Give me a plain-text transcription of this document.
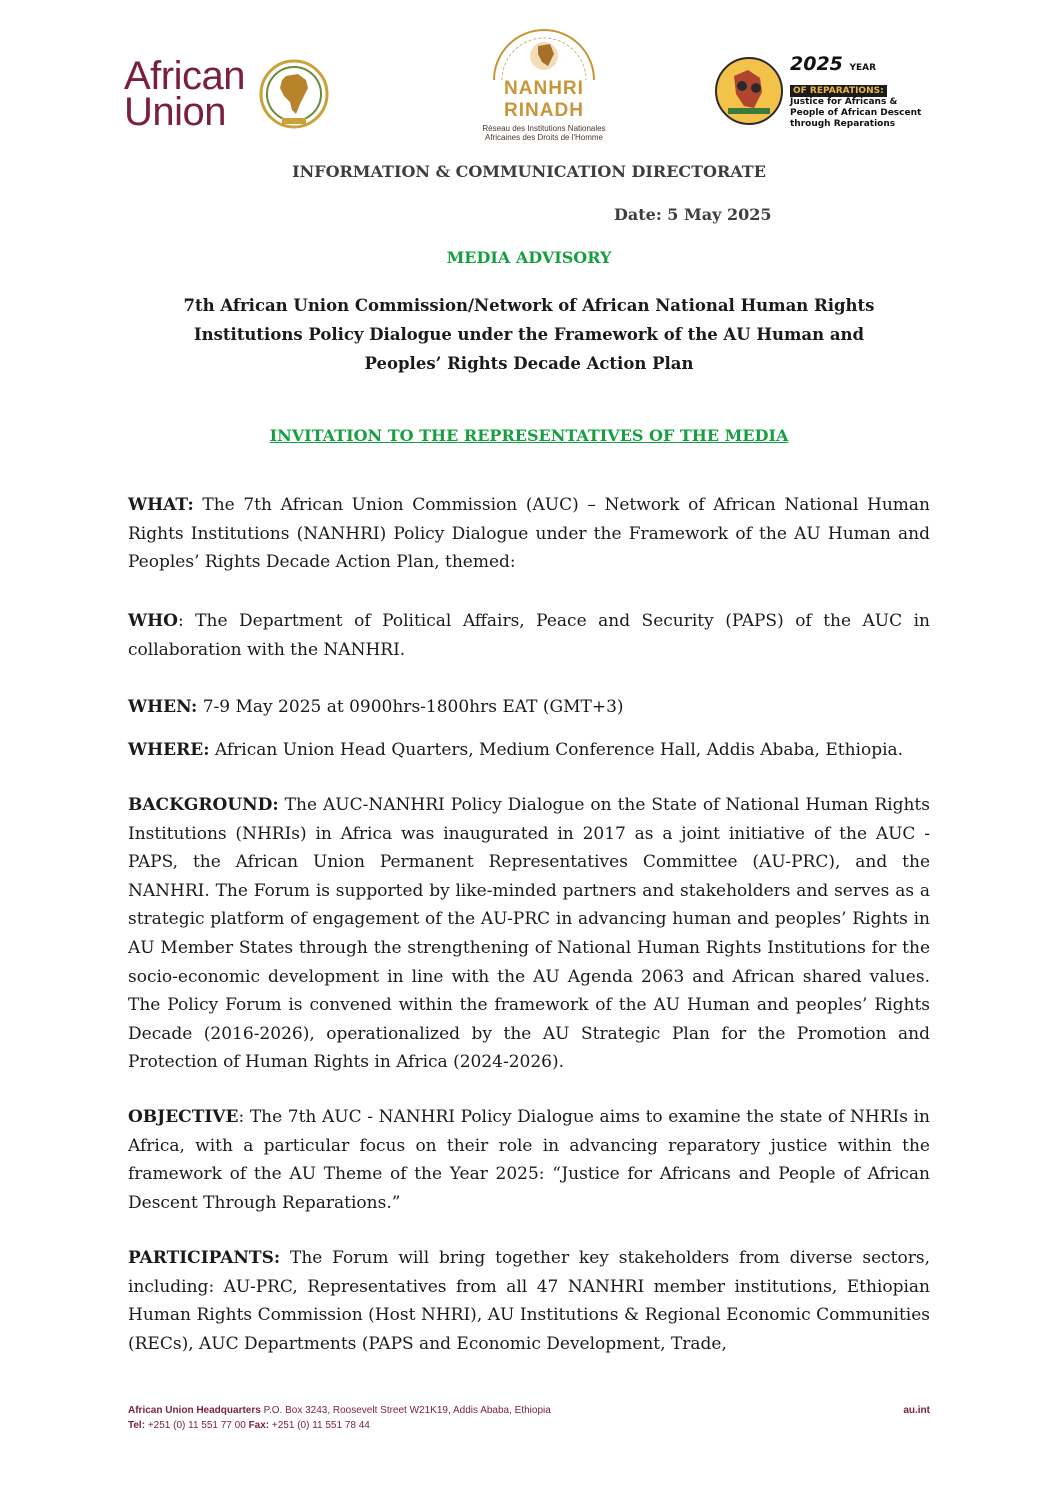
African
Union
NANHRI
RINADH
Réseau des Institutions Nationales Africaines des Droits de l'Homme
2025 YEAR
OF REPARATIONS:
Justice for Africans &
People of African Descent
through Reparations
INFORMATION & COMMUNICATION DIRECTORATE
Date: 5 May 2025
MEDIA ADVISORY
7th African Union Commission/Network of African National Human Rights
Institutions Policy Dialogue under the Framework of the AU Human and
Peoples’ Rights Decade Action Plan
INVITATION TO THE REPRESENTATIVES OF THE MEDIA
WHAT: The 7th African Union Commission (AUC) – Network of African National Human Rights Institutions (NANHRI) Policy Dialogue under the Framework of the AU Human and Peoples’ Rights Decade Action Plan, themed:
WHO: The Department of Political Affairs, Peace and Security (PAPS) of the AUC in collaboration with the NANHRI.
WHEN: 7-9 May 2025 at 0900hrs-1800hrs EAT (GMT+3)
WHERE: African Union Head Quarters, Medium Conference Hall, Addis Ababa, Ethiopia.
BACKGROUND: The AUC-NANHRI Policy Dialogue on the State of National Human Rights Institutions (NHRIs) in Africa was inaugurated in 2017 as a joint initiative of the AUC - PAPS, the African Union Permanent Representatives Committee (AU-PRC), and the NANHRI. The Forum is supported by like-minded partners and stakeholders and serves as a strategic platform of engagement of the AU-PRC in advancing human and peoples’ Rights in AU Member States through the strengthening of National Human Rights Institutions for the socio-economic development in line with the AU Agenda 2063 and African shared values. The Policy Forum is convened within the framework of the AU Human and peoples’ Rights Decade (2016-2026), operationalized by the AU Strategic Plan for the Promotion and Protection of Human Rights in Africa (2024-2026).
OBJECTIVE: The 7th AUC - NANHRI Policy Dialogue aims to examine the state of NHRIs in Africa, with a particular focus on their role in advancing reparatory justice within the framework of the AU Theme of the Year 2025: “Justice for Africans and People of African Descent Through Reparations.”
PARTICIPANTS: The Forum will bring together key stakeholders from diverse sectors, including: AU-PRC, Representatives from all 47 NANHRI member institutions, Ethiopian Human Rights Commission (Host NHRI), AU Institutions & Regional Economic Communities (RECs), AUC Departments (PAPS and Economic Development, Trade,
African Union Headquarters P.O. Box 3243, Roosevelt Street W21K19, Addis Ababa, Ethiopia	au.int
Tel: +251 (0) 11 551 77 00 Fax: +251 (0) 11 551 78 44
